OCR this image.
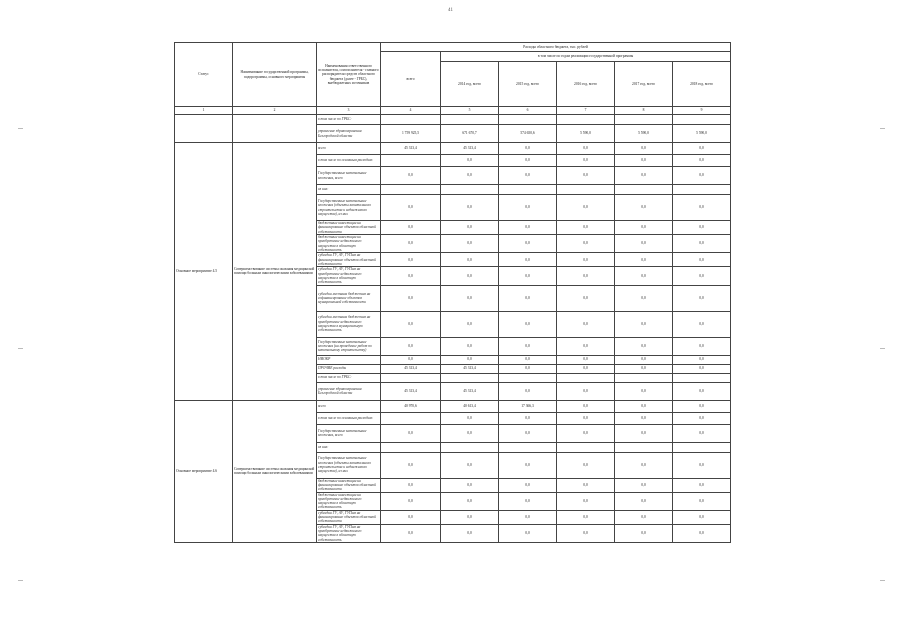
41
Статус	Наименование государственной программы, подпрограммы, основного мероприятия	Наименования ответственного исполнителя, соисполнителя - главного распорядителя средств областного бюджета (далее - ГРБС), внебюджетных источников	Расходы областного бюджета, тыс. рублей					
			всего	в том числе по годам реализации государственной программы				
				2014 год, всего	2015 год, всего	2016 год, всего	2017 год, всего	2018 год, всего
1	2	3	4	5	6	7	8	9
		в том числе по ГРБС:						
		управление здравоохранения Белгородской области	1 759 925,5	671 670,7	574 650,6	5 590,0	5 590,0	5 590,0
Основное мероприятие 4.5	Совершенствование системы оказания медицинской помощи больным онкологическими заболеваниями	всего	45 313,4	45 313,4	0,0	0,0	0,0	0,0
		в том числе по основным расходам:		0,0	0,0	0,0	0,0	0,0
		Государственные капитальные вложения, всего	0,0	0,0	0,0	0,0	0,0	0,0
		из них:						
		Государственные капитальные вложения (объекты капитального строительства и недвижимого имущества), из них	0,0	0,0	0,0	0,0	0,0	0,0
		бюджетные инвестиции на финансирование объектов областной собственности	0,0	0,0	0,0	0,0	0,0	0,0
		бюджетные инвестиции на приобретение недвижимого имущества в областную собственность	0,0	0,0	0,0	0,0	0,0	0,0
		субсидии ГУ, АУ, ГУПам на финансирование объектов областной собственности	0,0	0,0	0,0	0,0	0,0	0,0
		субсидии ГУ, АУ, ГУПам на приобретение недвижимого имущества в областную собственность	0,0	0,0	0,0	0,0	0,0	0,0
		субсидии местным бюджетам на софинансирование объектов муниципальной собственности	0,0	0,0	0,0	0,0	0,0	0,0
		субсидии местным бюджетам на приобретение недвижимого имущества в муниципальную собственность	0,0	0,0	0,0	0,0	0,0	0,0
		Государственные капитальные вложения (на проведение работ по капитальному строительству)	0,0	0,0	0,0	0,0	0,0	0,0
		НИОКР	0,0	0,0	0,0	0,0	0,0	0,0
		ПРОЧИЕ расходы	45 313,4	45 313,4	0,0	0,0	0,0	0,0
		в том числе по ГРБС:						
		управление здравоохранения Белгородской области	45 313,4	45 313,4	0,0	0,0	0,0	0,0
Основное мероприятие 4.6	Совершенствование системы оказания медицинской помощи больным онкологическими заболеваниями	всего	40 970,6	40 613,4	17 366,3	0,0	0,0	0,0
		в том числе по основным расходам:		0,0	0,0	0,0	0,0	0,0
		Государственные капитальные вложения, всего	0,0	0,0	0,0	0,0	0,0	0,0
		из них:						
		Государственные капитальные вложения (объекты капитального строительства и недвижимого имущества), из них	0,0	0,0	0,0	0,0	0,0	0,0
		бюджетные инвестиции на финансирование объектов областной собственности	0,0	0,0	0,0	0,0	0,0	0,0
		бюджетные инвестиции на приобретение недвижимого имущества в областную собственность	0,0	0,0	0,0	0,0	0,0	0,0
		субсидии ГУ, АУ, ГУПам на финансирование объектов областной собственности	0,0	0,0	0,0	0,0	0,0	0,0
		субсидии ГУ, АУ, ГУПам на приобретение недвижимого имущества в областную собственность	0,0	0,0	0,0	0,0	0,0	0,0
